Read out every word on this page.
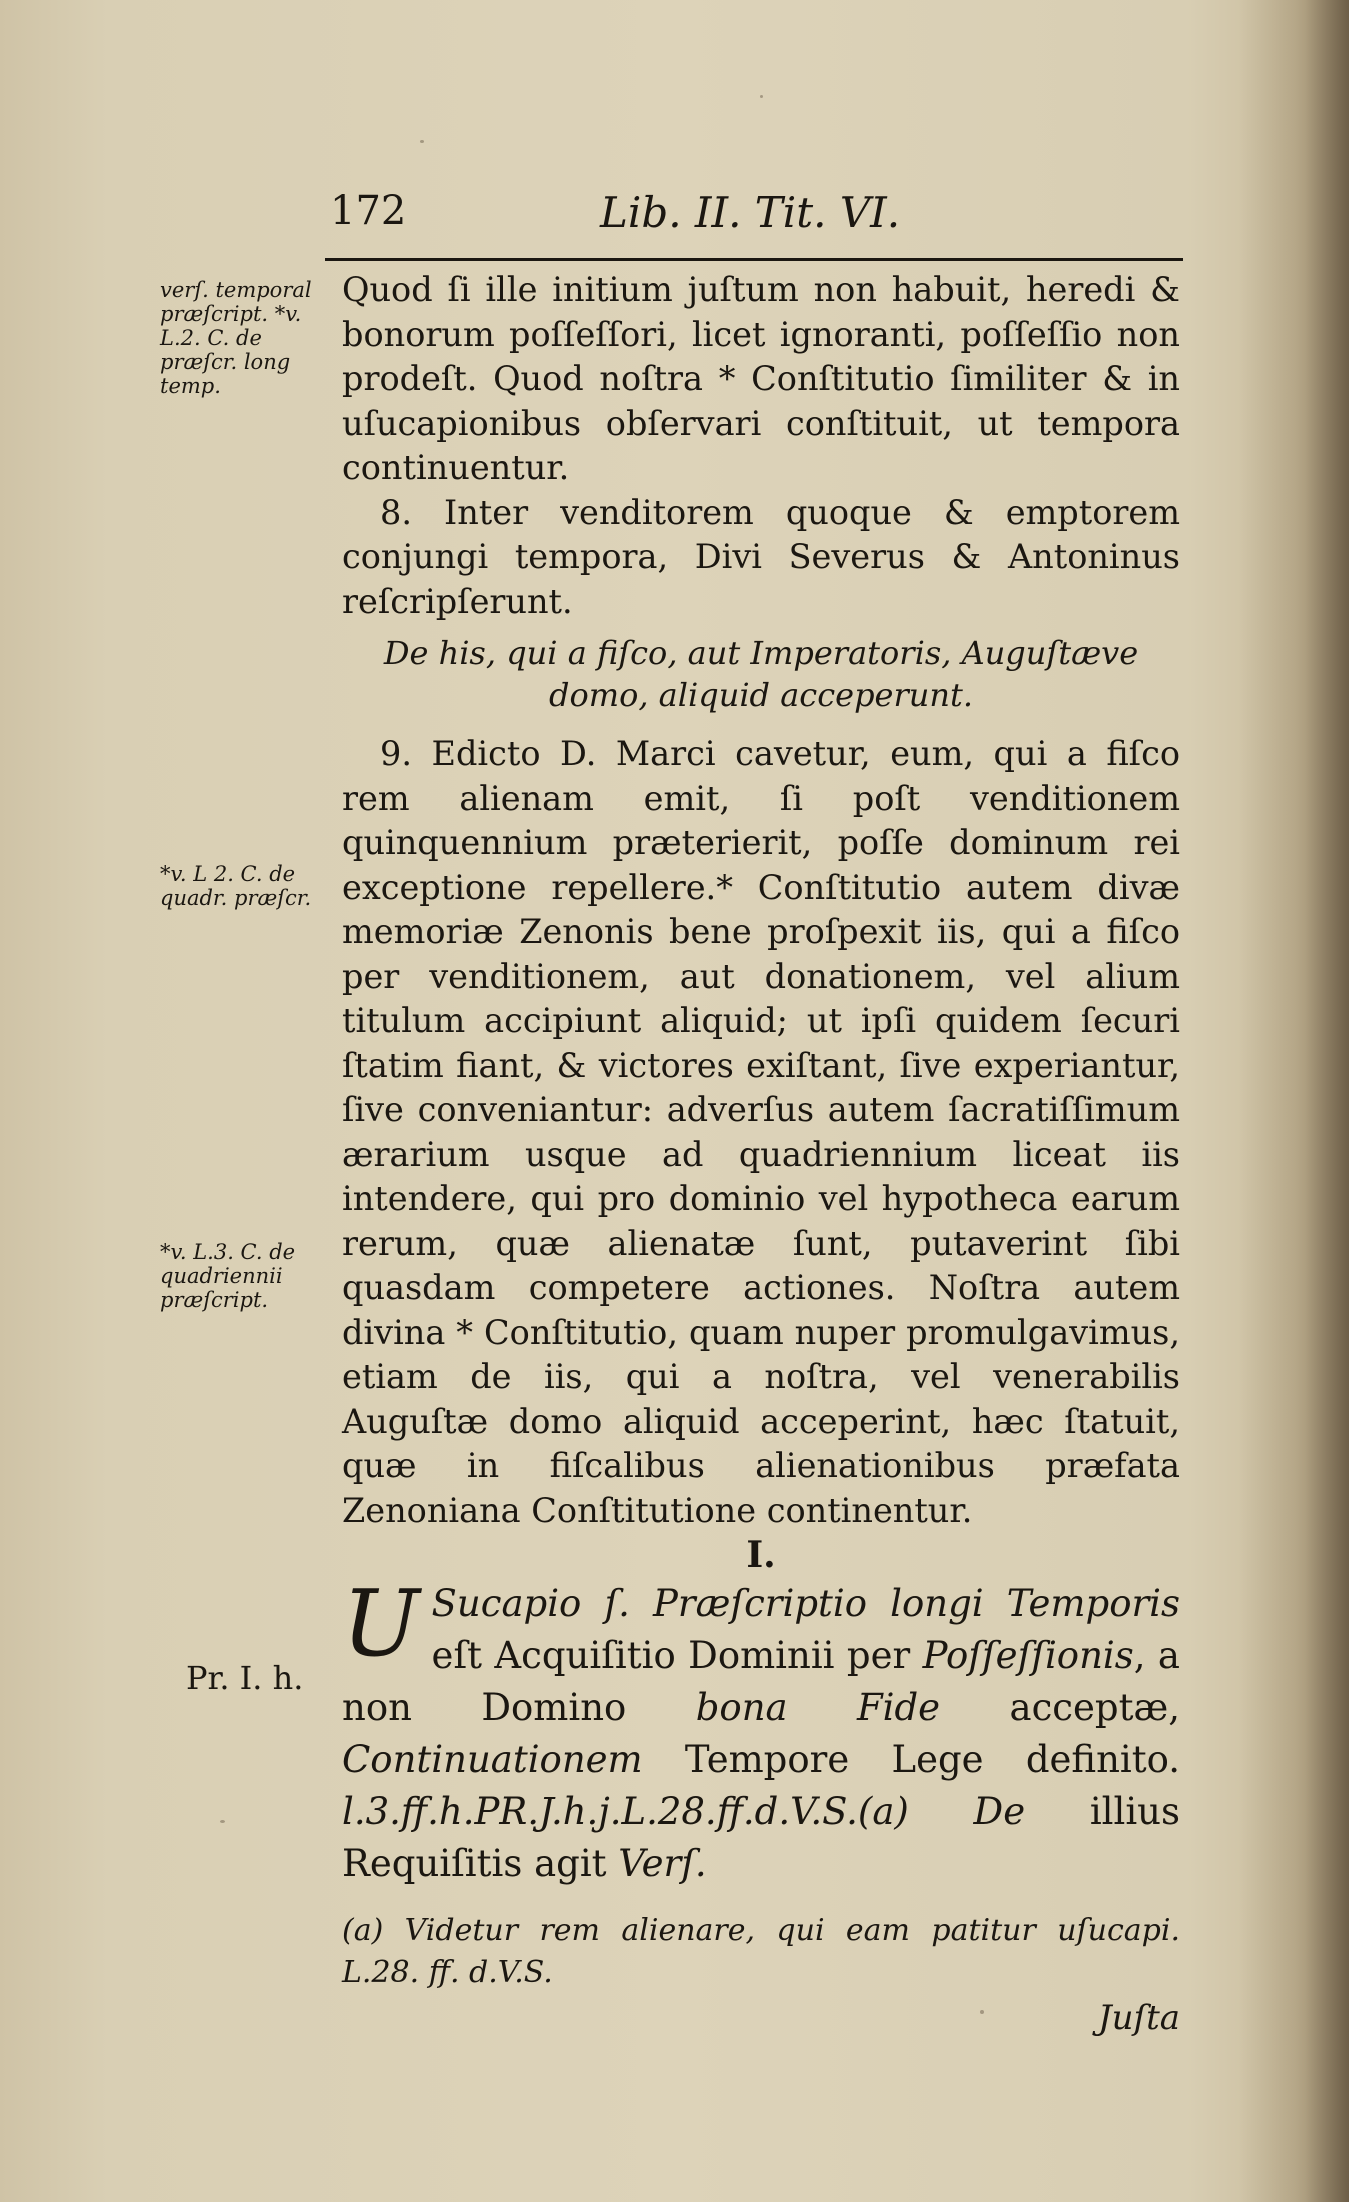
172	Lib. II. Tit. VI.
verſ. temporal præſcript. *v. L.2. C. de præſcr. long temp.
*v. L 2. C. de quadr. præſcr.
*v. L.3. C. de quadriennii præſcript.
Pr. I. h.

Quod ſi ille initium juſtum non habuit, heredi & bonorum poſſeſſori, licet ignoranti, poſſeſſio non prodeſt. Quod noſtra * Conſtitutio ſimiliter & in uſucapionibus obſervari conſtituit, ut tempora continuentur.

8. Inter venditorem quoque & emptorem conjungi tempora, Divi Severus & Antoninus reſcripſerunt.

De his, qui a fiſco, aut Imperatoris, Auguſtæve domo, aliquid acceperunt.

9. Edicto D. Marci cavetur, eum, qui a fiſco rem alienam emit, ſi poſt venditionem quinquennium præterierit, poſſe dominum rei exceptione repellere.* Conſtitutio autem divæ memoriæ Zenonis bene proſpexit iis, qui a fiſco per venditionem, aut donationem, vel alium titulum accipiunt aliquid; ut ipſi quidem ſecuri ſtatim fiant, & victores exiſtant, ſive experiantur, ſive conveniantur: adverſus autem ſacratiſſimum ærarium usque ad quadriennium liceat iis intendere, qui pro dominio vel hypotheca earum rerum, quæ alienatæ ſunt, putaverint ſibi quasdam competere actiones. Noſtra autem divina * Conſtitutio, quam nuper promulgavimus, etiam de iis, qui a noſtra, vel venerabilis Auguſtæ domo aliquid acceperint, hæc ſtatuit, quæ in fiſcalibus alienationibus præfata Zenoniana Conſtitutione continentur.

I.

U Sucapio ſ. Præſcriptio longi Temporis eſt Acquiſitio Dominii per Poſſeſſionis, a non Domino bona Fide acceptæ, Continuationem Tempore Lege definito. l.3.ff.h.PR.J.h.j.L.28.ff.d.V.S.(a) De illius Requiſitis agit Verſ.

(a) Videtur rem alienare, qui eam patitur uſucapi. L.28. ff. d.V.S.

Juſta
